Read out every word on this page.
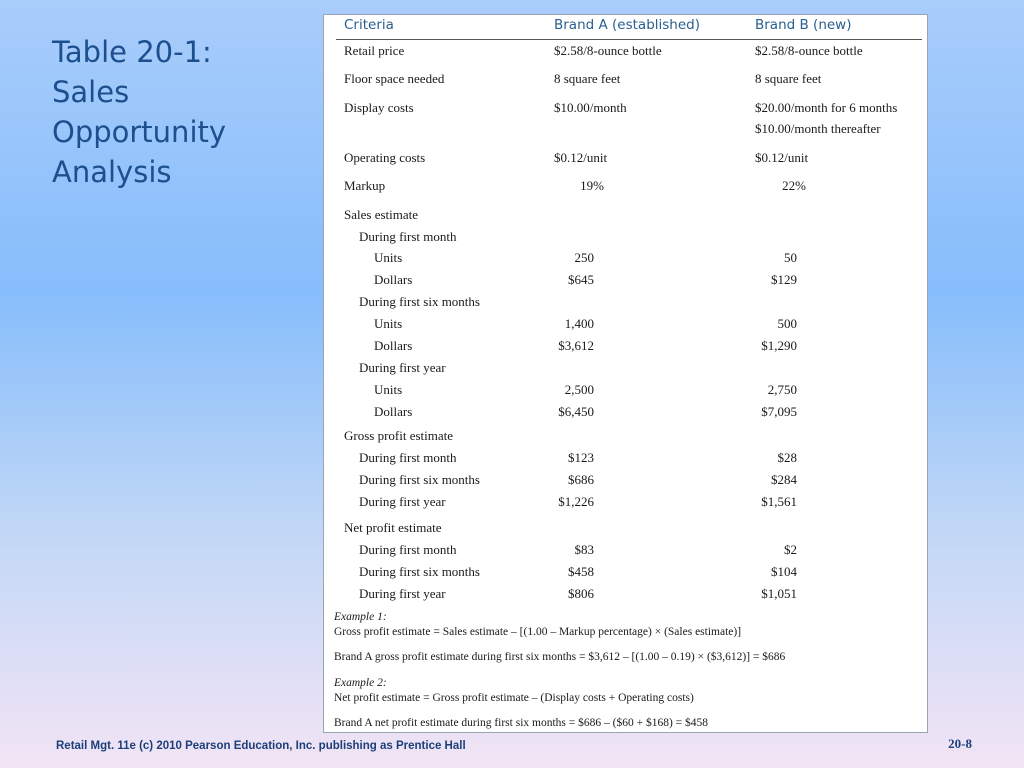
Table 20-1:
Sales
Opportunity
Analysis
Criteria	Brand A (established)	Brand B (new)
Retail price	$2.58/8-ounce bottle	$2.58/8-ounce bottle
Floor space needed	8 square feet	8 square feet
Display costs	$10.00/month	$20.00/month for 6 months
$10.00/month thereafter
Operating costs	$0.12/unit	$0.12/unit
Markup	19%	22%
Sales estimate
During first month
Units	250	50
Dollars	$645	$129
During first six months
Units	1,400	500
Dollars	$3,612	$1,290
During first year
Units	2,500	2,750
Dollars	$6,450	$7,095
Gross profit estimate
During first month	$123	$28
During first six months	$686	$284
During first year	$1,226	$1,561
Net profit estimate
During first month	$83	$2
During first six months	$458	$104
During first year	$806	$1,051
Example 1:
Gross profit estimate = Sales estimate – [(1.00 – Markup percentage) × (Sales estimate)]
Brand A gross profit estimate during first six months = $3,612 – [(1.00 – 0.19) × ($3,612)] = $686
Example 2:
Net profit estimate = Gross profit estimate – (Display costs + Operating costs)
Brand A net profit estimate during first six months = $686 – ($60 + $168) = $458
Retail Mgt. 11e (c) 2010 Pearson Education, Inc. publishing as Prentice Hall	20-8
